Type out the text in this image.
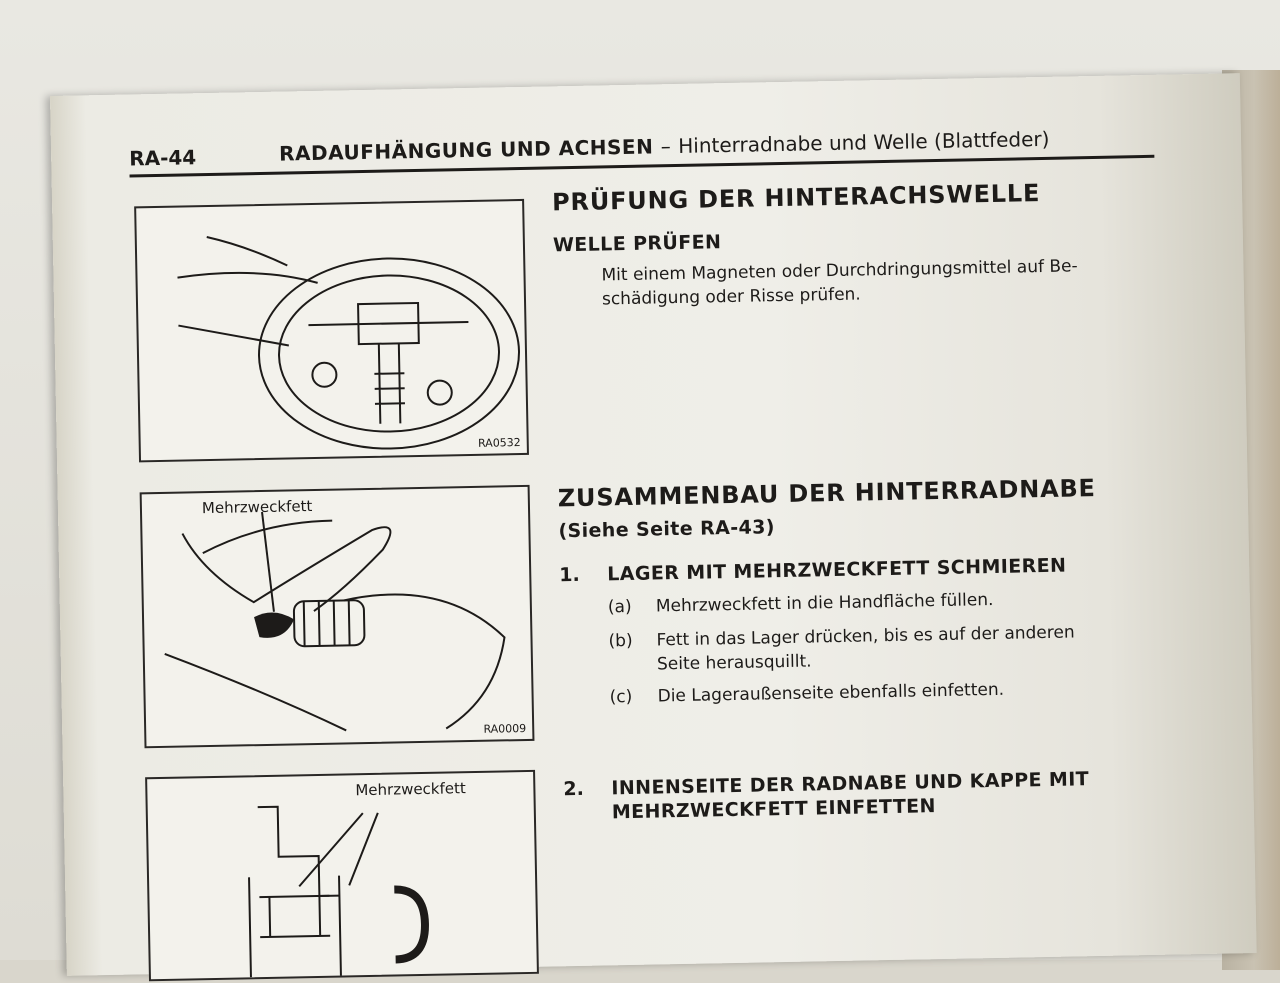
RA-44	RADAUFHÄNGUNG UND ACHSEN – Hinterradnabe und Welle (Blattfeder)
RA0532
Mehrzweckfett
RA0009
Mehrzweckfett
PRÜFUNG DER HINTERACHSWELLE
WELLE PRÜFEN
Mit einem Magneten oder Durchdringungsmittel auf Be-
schädigung oder Risse prüfen.
ZUSAMMENBAU DER HINTERRADNABE
(Siehe Seite RA-43)
1. LAGER MIT MEHRZWECKFETT SCHMIEREN
(a) Mehrzweckfett in die Handfläche füllen.
(b) Fett in das Lager drücken, bis es auf der anderen
Seite herausquillt.
(c) Die Lageraußenseite ebenfalls einfetten.
2. INNENSEITE DER RADNABE UND KAPPE MIT
MEHRZWECKFETT EINFETTEN
